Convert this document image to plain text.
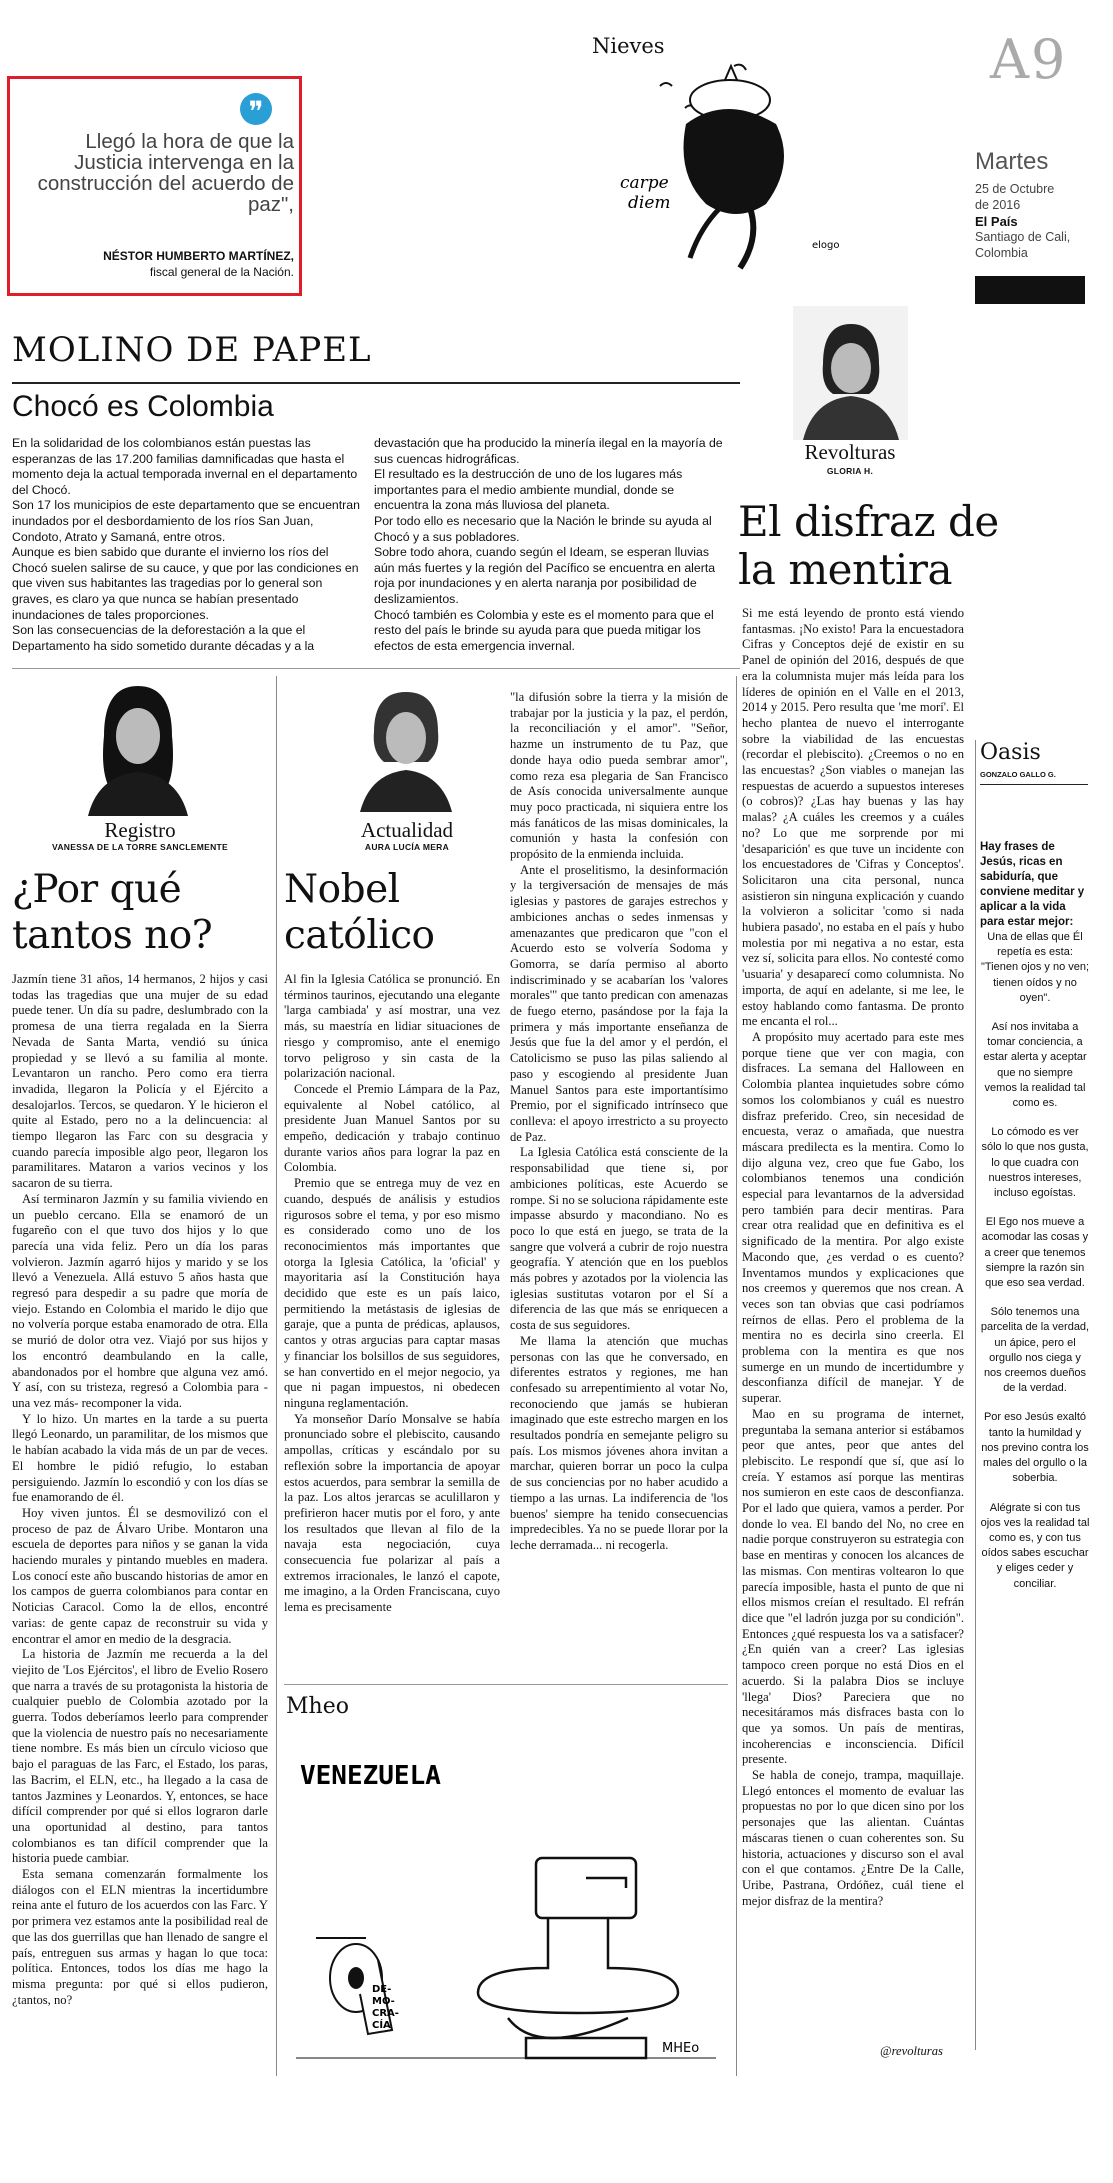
❞
Llegó la hora de que la Justicia intervenga en la construcción del acuerdo de paz",
NÉSTOR HUMBERTO MARTÍNEZ,
fiscal general de la Nación.
Nieves
carpe
diem
elogo
A9
Martes
25 de Octubre
de 2016
El País
Santiago de Cali,
Colombia
MOLINO DE PAPEL
Chocó es Colombia

En la solidaridad de los colombianos están puestas las esperanzas de las 17.200 familias damnificadas que hasta el momento deja la actual temporada invernal en el departamento del Chocó.

Son 17 los municipios de este departamento que se encuentran inundados por el desbordamiento de los ríos San Juan, Condoto, Atrato y Samaná, entre otros.

Aunque es bien sabido que durante el invierno los ríos del Chocó suelen salirse de su cauce, y que por las condiciones en que viven sus habitantes las tragedias por lo general son graves, es claro ya que nunca se habían presentado inundaciones de tales proporciones.

Son las consecuencias de la deforestación a la que el Departamento ha sido sometido durante décadas y a la

devastación que ha producido la minería ilegal en la mayoría de sus cuencas hidrográficas.

El resultado es la destrucción de uno de los lugares más importantes para el medio ambiente mundial, donde se encuentra la zona más lluviosa del planeta.

Por todo ello es necesario que la Nación le brinde su ayuda al Chocó y a sus pobladores.

Sobre todo ahora, cuando según el Ideam, se esperan lluvias aún más fuertes y la región del Pacífico se encuentra en alerta roja por inundaciones y en alerta naranja por posibilidad de deslizamientos.

Chocó también es Colombia y este es el momento para que el resto del país le brinde su ayuda para que pueda mitigar los efectos de esta emergencia invernal.

Revolturas
GLORIA H.
El disfraz de
la mentira

Si me está leyendo de pronto está viendo fantasmas. ¡No existo! Para la encuestadora Cifras y Conceptos dejé de existir en su Panel de opinión del 2016, después de que era la columnista mujer más leída para los líderes de opinión en el Valle en el 2013, 2014 y 2015. Pero resulta que 'me morí'. El hecho plantea de nuevo el interrogante sobre la viabilidad de las encuestas (recordar el plebiscito). ¿Creemos o no en las encuestas? ¿Son viables o manejan las respuestas de acuerdo a supuestos intereses (o cobros)? ¿Las hay buenas y las hay malas? ¿A cuáles les creemos y a cuáles no? Lo que me sorprende por mi 'desaparición' es que tuve un incidente con los encuestadores de 'Cifras y Conceptos'. Solicitaron una cita personal, nunca asistieron sin ninguna explicación y cuando la volvieron a solicitar 'como si nada hubiera pasado', no estaba en el país y hubo molestia por mi negativa a no estar, esta vez sí, solicita para ellos. No contesté como 'usuaria' y desaparecí como columnista. No importa, de aquí en adelante, si me lee, le estoy hablando como fantasma. De pronto me encanta el rol...

A propósito muy acertado para este mes porque tiene que ver con magia, con disfraces. La semana del Halloween en Colombia plantea inquietudes sobre cómo somos los colombianos y cuál es nuestro disfraz preferido. Creo, sin necesidad de encuesta, veraz o amañada, que nuestra máscara predilecta es la mentira. Como lo dijo alguna vez, creo que fue Gabo, los colombianos tenemos una condición especial para levantarnos de la adversidad pero también para decir mentiras. Para crear otra realidad que en definitiva es el significado de la mentira. Por algo existe Macondo que, ¿es verdad o es cuento? Inventamos mundos y explicaciones que nos creemos y queremos que nos crean. A veces son tan obvias que casi podríamos reírnos de ellas. Pero el problema de la mentira no es decirla sino creerla. El problema con la mentira es que nos sumerge en un mundo de incertidumbre y desconfianza difícil de manejar. Y de superar.

Mao en su programa de internet, preguntaba la semana anterior si estábamos peor que antes, peor que antes del plebiscito. Le respondí que sí, que así lo creía. Y estamos así porque las mentiras nos sumieron en este caos de desconfianza. Por el lado que quiera, vamos a perder. Por donde lo vea. El bando del No, no cree en nadie porque construyeron su estrategia con base en mentiras y conocen los alcances de las mismas. Con mentiras voltearon lo que parecía imposible, hasta el punto de que ni ellos mismos creían el resultado. El refrán dice que "el ladrón juzga por su condición". Entonces ¿qué respuesta los va a satisfacer? ¿En quién van a creer? Las iglesias tampoco creen porque no está Dios en el acuerdo. Si la palabra Dios se incluye 'llega' Dios? Pareciera que no necesitáramos más disfraces basta con lo que ya somos. Un país de mentiras, incoherencias e inconsciencia. Difícil presente.

Se habla de conejo, trampa, maquillaje. Llegó entonces el momento de evaluar las propuestas no por lo que dicen sino por los personajes que las alientan. Cuántas máscaras tienen o cuan coherentes son. Su historia, actuaciones y discurso son el aval con el que contamos. ¿Entre De la Calle, Uribe, Pastrana, Ordóñez, cuál tiene el mejor disfraz de la mentira?

@revolturas
Oasis
GONZALO GALLO G.
Hay frases de Jesús, ricas en sabiduría, que conviene meditar y aplicar a la vida para estar mejor:

Una de ellas que Él repetía es esta: "Tienen ojos y no ven; tienen oídos y no oyen".

Así nos invitaba a tomar conciencia, a estar alerta y aceptar que no siempre vemos la realidad tal como es.

Lo cómodo es ver sólo lo que nos gusta, lo que cuadra con nuestros intereses, incluso egoístas.

El Ego nos mueve a acomodar las cosas y a creer que tenemos siempre la razón sin que eso sea verdad.

Sólo tenemos una parcelita de la verdad, un ápice, pero el orgullo nos ciega y nos creemos dueños de la verdad.

Por eso Jesús exaltó tanto la humildad y nos previno contra los males del orgullo o la soberbia.

Alégrate si con tus ojos ves la realidad tal como es, y con tus oídos sabes escuchar y eliges ceder y conciliar.

Registro
VANESSA DE LA TORRE SANCLEMENTE
¿Por qué
tantos no?

Jazmín tiene 31 años, 14 hermanos, 2 hijos y casi todas las tragedias que una mujer de su edad puede tener. Un día su padre, deslumbrado con la promesa de una tierra regalada en la Sierra Nevada de Santa Marta, vendió su única propiedad y se llevó a su familia al monte. Levantaron un rancho. Pero como era tierra invadida, llegaron la Policía y el Ejército a desalojarlos. Tercos, se quedaron. Y le hicieron el quite al Estado, pero no a la delincuencia: al tiempo llegaron las Farc con su desgracia y cuando parecía imposible algo peor, llegaron los paramilitares. Mataron a varios vecinos y los sacaron de su tierra.

Así terminaron Jazmín y su familia viviendo en un pueblo cercano. Ella se enamoró de un fugareño con el que tuvo dos hijos y lo que parecía una vida feliz. Pero un día los paras volvieron. Jazmín agarró hijos y marido y se los llevó a Venezuela. Allá estuvo 5 años hasta que regresó para despedir a su padre que moría de viejo. Estando en Colombia el marido le dijo que no volvería porque estaba enamorado de otra. Ella se murió de dolor otra vez. Viajó por sus hijos y los encontró deambulando en la calle, abandonados por el hombre que alguna vez amó. Y así, con su tristeza, regresó a Colombia para -una vez más- recomponer la vida.

Y lo hizo. Un martes en la tarde a su puerta llegó Leonardo, un paramilitar, de los mismos que le habían acabado la vida más de un par de veces. El hombre le pidió refugio, lo estaban persiguiendo. Jazmín lo escondió y con los días se fue enamorando de él.

Hoy viven juntos. Él se desmovilizó con el proceso de paz de Álvaro Uribe. Montaron una escuela de deportes para niños y se ganan la vida haciendo murales y pintando muebles en madera. Los conocí este año buscando historias de amor en los campos de guerra colombianos para contar en Noticias Caracol. Como la de ellos, encontré varias: de gente capaz de reconstruir su vida y encontrar el amor en medio de la desgracia.

La historia de Jazmín me recuerda a la del viejito de 'Los Ejércitos', el libro de Evelio Rosero que narra a través de su protagonista la historia de cualquier pueblo de Colombia azotado por la guerra. Todos deberíamos leerlo para comprender que la violencia de nuestro país no necesariamente tiene nombre. Es más bien un círculo vicioso que bajo el paraguas de las Farc, el Estado, los paras, las Bacrim, el ELN, etc., ha llegado a la casa de tantos Jazmines y Leonardos. Y, entonces, se hace difícil comprender por qué si ellos lograron darle una oportunidad al destino, para tantos colombianos es tan difícil comprender que la historia puede cambiar.

Esta semana comenzarán formalmente los diálogos con el ELN mientras la incertidumbre reina ante el futuro de los acuerdos con las Farc. Y por primera vez estamos ante la posibilidad real de que las dos guerrillas que han llenado de sangre el país, entreguen sus armas y hagan lo que toca: política. Entonces, todos los días me hago la misma pregunta: por qué si ellos pudieron, ¿tantos, no?

Actualidad
AURA LUCÍA MERA
Nobel
católico

Al fin la Iglesia Católica se pronunció. En términos taurinos, ejecutando una elegante 'larga cambiada' y así mostrar, una vez más, su maestría en lidiar situaciones de riesgo y compromiso, ante el enemigo torvo peligroso y sin casta de la polarización nacional.

Concede el Premio Lámpara de la Paz, equivalente al Nobel católico, al presidente Juan Manuel Santos por su empeño, dedicación y trabajo continuo durante varios años para lograr la paz en Colombia.

Premio que se entrega muy de vez en cuando, después de análisis y estudios rigurosos sobre el tema, y por eso mismo es considerado como uno de los reconocimientos más importantes que otorga la Iglesia Católica, la 'oficial' y mayoritaria así la Constitución haya decidido que este es un país laico, permitiendo la metástasis de iglesias de garaje, que a punta de prédicas, aplausos, cantos y otras argucias para captar masas y financiar los bolsillos de sus seguidores, se han convertido en el mejor negocio, ya que ni pagan impuestos, ni obedecen ninguna reglamentación.

Ya monseñor Darío Monsalve se había pronunciado sobre el plebiscito, causando ampollas, críticas y escándalo por su reflexión sobre la importancia de apoyar estos acuerdos, para sembrar la semilla de la paz. Los altos jerarcas se aculillaron y prefirieron hacer mutis por el foro, y ante los resultados que llevan al filo de la navaja esta negociación, cuya consecuencia fue polarizar al país a extremos irracionales, le lanzó el capote, me imagino, a la Orden Franciscana, cuyo lema es precisamente

"la difusión sobre la tierra y la misión de trabajar por la justicia y la paz, el perdón, la reconciliación y el amor". "Señor, hazme un instrumento de tu Paz, que donde haya odio pueda sembrar amor", como reza esa plegaria de San Francisco de Asís conocida universalmente aunque muy poco practicada, ni siquiera entre los más fanáticos de las misas dominicales, la comunión y hasta la confesión con propósito de la enmienda incluida.

Ante el proselitismo, la desinformación y la tergiversación de mensajes de más iglesias y pastores de garajes estrechos y ambiciones anchas o sedes inmensas y amenazantes que predicaron que "con el Acuerdo esto se volvería Sodoma y Gomorra, se daría permiso al aborto indiscriminado y se acabarían los 'valores morales'" que tanto predican con amenazas de fuego eterno, pasándose por la faja la primera y más importante enseñanza de Jesús que fue la del amor y el perdón, el Catolicismo se puso las pilas saliendo al paso y escogiendo al presidente Juan Manuel Santos para este importantísimo Premio, por el significado intrínseco que conlleva: el apoyo irrestricto a su proyecto de Paz.

La Iglesia Católica está consciente de la responsabilidad que tiene si, por ambiciones políticas, este Acuerdo se rompe. Si no se soluciona rápidamente este impasse absurdo y macondiano. No es poco lo que está en juego, se trata de la sangre que volverá a cubrir de rojo nuestra geografía. Y atención que en los pueblos más pobres y azotados por la violencia las iglesias sustitutas votaron por el Sí a diferencia de las que más se enriquecen a costa de sus seguidores.

Me llama la atención que muchas personas con las que he conversado, en diferentes estratos y regiones, me han confesado su arrepentimiento al votar No, reconociendo que jamás se hubieran imaginado que este estrecho margen en los resultados pondría en semejante peligro su país. Los mismos jóvenes ahora invitan a marchar, quieren borrar un poco la culpa de sus conciencias por no haber acudido a tiempo a las urnas. La indiferencia de 'los buenos' siempre ha tenido consecuencias impredecibles. Ya no se puede llorar por la leche derramada... ni recogerla.

Mheo
VENEZUELA
DE-
MO-
CRA-
CÍA
MHEo
